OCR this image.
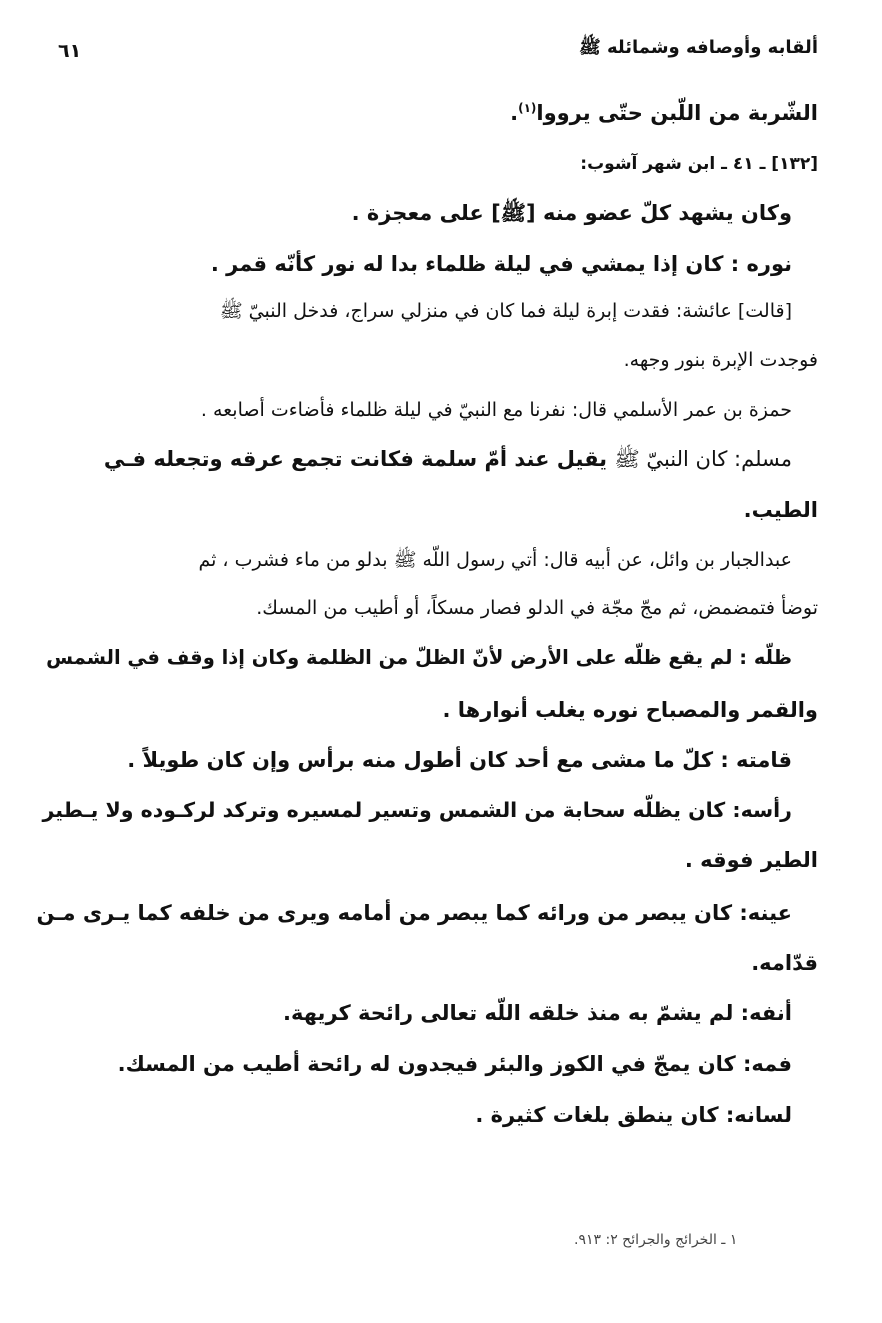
ألقابه وأوصافه وشمائله ﷺ
٦١
الشّربة من اللّبن حتّى يرووا$^{(١)}$.
[١٣٢] ـ ٤١ ـ ابن شهر آشوب:
وكان يشهد كلّ عضو منه [ﷺ] على معجزة .
نوره : كان إذا يمشي في ليلة ظلماء بدا له نور كأنّه قمر .
[قالت] عائشة: فقدت إبرة ليلة فما كان في منزلي سراج، فدخل النبيّ ﷺ
فوجدت الإبرة بنور وجهه.
حمزة بن عمر الأسلمي قال: نفرنا مع النبيّ في ليلة ظلماء فأضاءت أصابعه .
مسلم: كان النبيّ ﷺ يقيل عند أمّ سلمة فكانت تجمع عرقه وتجعله فـي
الطيب.
عبدالجبار بن وائل، عن أبيه قال: أتي رسول اللّه ﷺ بدلو من ماء فشرب ، ثم
توضأ فتمضمض، ثم مجّ مجّة في الدلو فصار مسكاً، أو أطيب من المسك.
ظلّه : لم يقع ظلّه على الأرض لأنّ الظلّ من الظلمة وكان إذا وقف في الشمس
والقمر والمصباح نوره يغلب أنوارها .
قامته : كلّ ما مشى مع أحد كان أطول منه برأس وإن كان طويلاً .
رأسه: كان يظلّه سحابة من الشمس وتسير لمسيره وتركد لركـوده ولا يـطير
الطير فوقه .
عينه: كان يبصر من ورائه كما يبصر من أمامه ويرى من خلفه كما يـرى مـن
قدّامه.
أنفه: لم يشمّ به منذ خلقه اللّه تعالى رائحة كريهة.
فمه: كان يمجّ في الكوز والبئر فيجدون له رائحة أطيب من المسك.
لسانه: كان ينطق بلغات كثيرة .
١ ـ الخرائج والجرائح ٢: ٩١٣.
